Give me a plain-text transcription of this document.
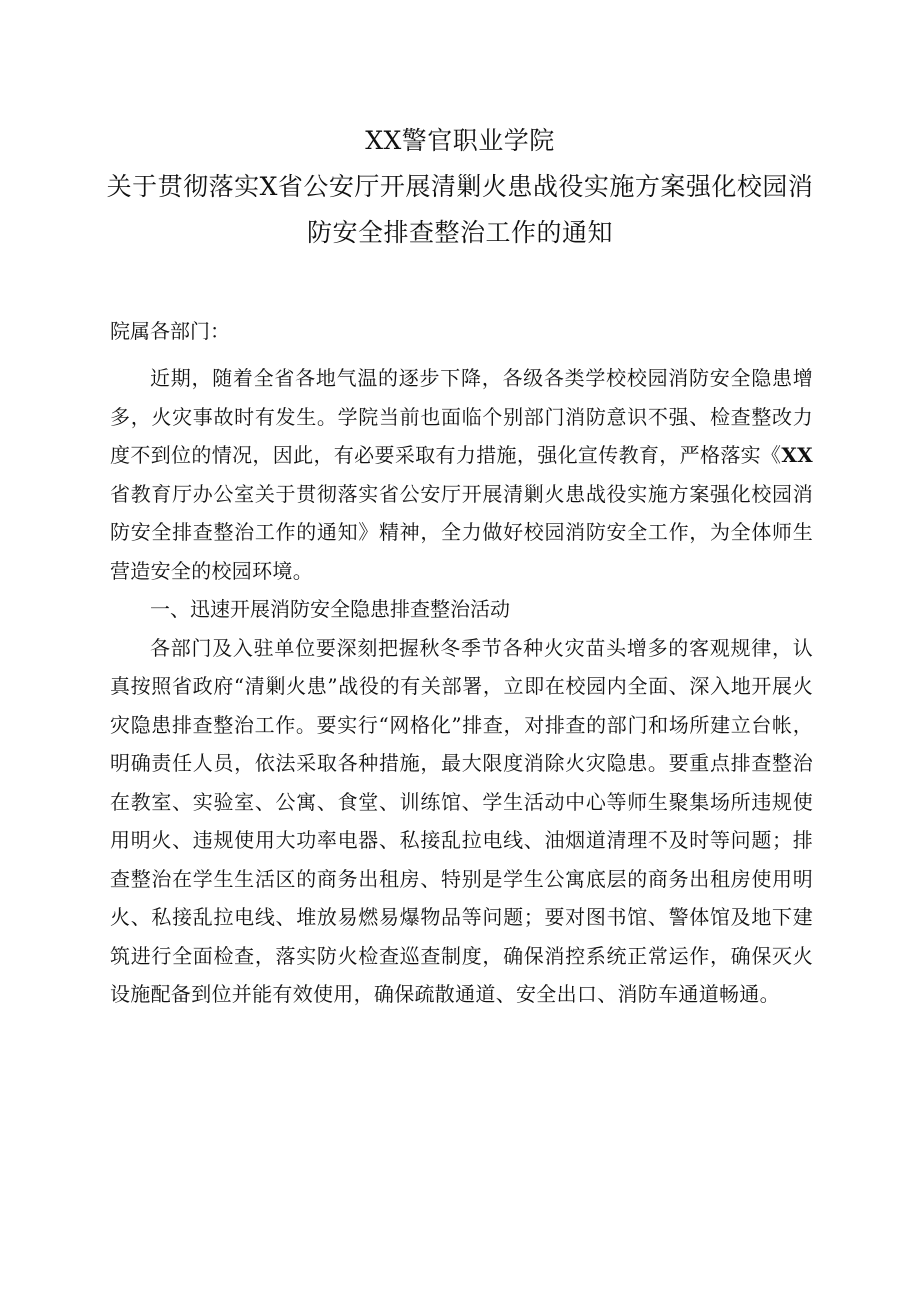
XX警官职业学院
关于贯彻落实X省公安厅开展清剿火患战役实施方案强化校园消
防安全排查整治工作的通知

院属各部门：

近期，随着全省各地气温的逐步下降，各级各类学校校园消防安全隐患增多，火灾事故时有发生。学院当前也面临个别部门消防意识不强、检查整改力度不到位的情况，因此，有必要采取有力措施，强化宣传教育，严格落实《XX省教育厅办公室关于贯彻落实省公安厅开展清剿火患战役实施方案强化校园消防安全排查整治工作的通知》精神，全力做好校园消防安全工作，为全体师生营造安全的校园环境。

一、迅速开展消防安全隐患排查整治活动

各部门及入驻单位要深刻把握秋冬季节各种火灾苗头增多的客观规律，认真按照省政府“清剿火患”战役的有关部署，立即在校园内全面、深入地开展火灾隐患排查整治工作。要实行“网格化”排查，对排查的部门和场所建立台帐，明确责任人员，依法采取各种措施，最大限度消除火灾隐患。要重点排查整治在教室、实验室、公寓、食堂、训练馆、学生活动中心等师生聚集场所违规使用明火、违规使用大功率电器、私接乱拉电线、油烟道清理不及时等问题；排查整治在学生生活区的商务出租房、特别是学生公寓底层的商务出租房使用明火、私接乱拉电线、堆放易燃易爆物品等问题；要对图书馆、警体馆及地下建筑进行全面检查，落实防火检查巡查制度，确保消控系统正常运作，确保灭火设施配备到位并能有效使用，确保疏散通道、安全出口、消防车通道畅通。
